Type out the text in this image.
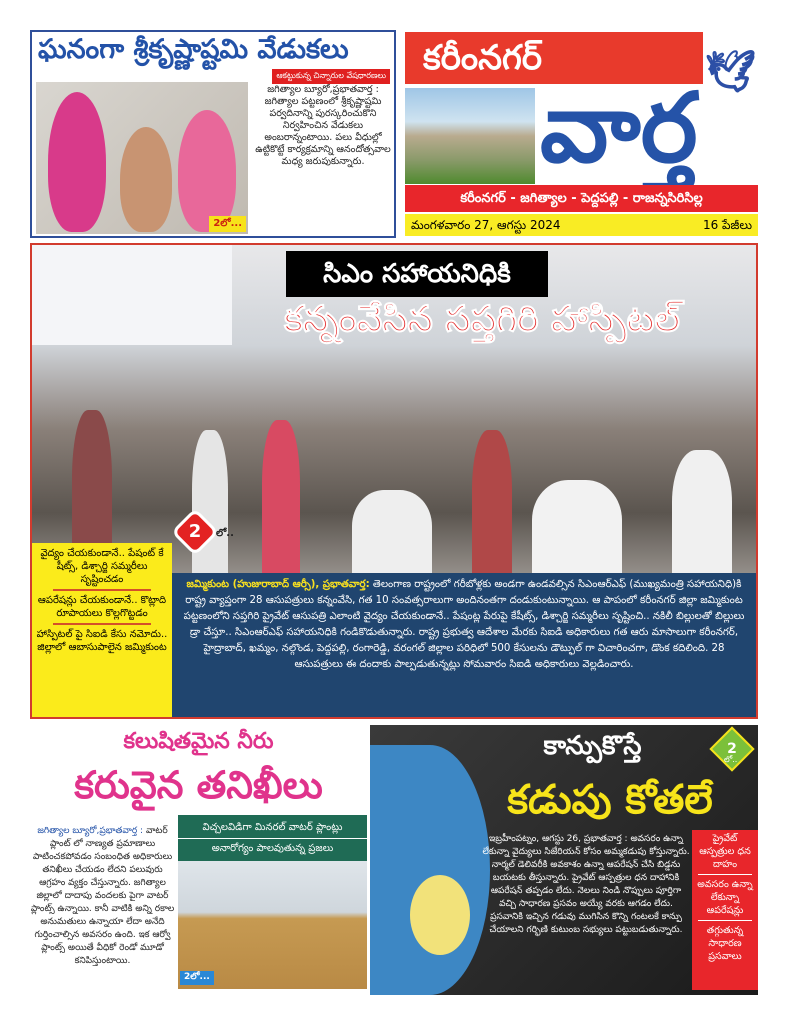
ఘనంగా శ్రీకృష్ణాష్టమి వేడుకలు
ఆకట్టుకున్న చిన్నారుల వేషధారణలు
2లో...
జగిత్యాల బ్యూరో,ప్రభాతవార్త : జగిత్యాల పట్టణంలో శ్రీకృష్ణాష్టమి పర్వదినాన్ని పురస్కరించుకొని నిర్వహించిన వేడుకలు అంబరాన్నంటాయి. పలు వీధుల్లో ఉట్టికొట్టే కార్యక్రమాన్ని ఆనందోత్సవాల మధ్య జరుపుకున్నారు.
కరీంనగర్	🕊
వార్త
కరీంనగర్ - జగిత్యాల - పెద్దపల్లి - రాజన్నసిరిసిల్ల
మంగళవారం 27, ఆగస్టు 2024	16 పేజీలు
సిఎం సహాయనిధికి
కన్నంవేసిన సప్తగిరి హాస్పిటల్
2	లో..
వైద్యం చేయకుండానే.. పేషంట్ కే షీట్స్, డిశ్చార్జి సమ్మరీలు సృష్టించడం
ఆపరేషన్లు చేయకుండానే.. కొట్లాది రూపాయలు కొల్లగొట్టడం
హాస్పిటల్ పై సిఐడి కేసు నమోదు.. జిల్లాలో ఆబాసుపాలైన జమ్మికుంట
జమ్మికుంట (హుజురాబాద్ ఆర్సీ), ప్రభాతవార్త: తెలంగాణ రాష్ట్రంలో గరీబోళ్లకు అండగా ఉండవల్సిన సిఎంఆర్ఎఫ్ (ముఖ్యమంత్రి సహాయనిధి)కి రాష్ట్ర వ్యాప్తంగా 28 ఆసుపత్రులు కన్నంవేసి, గత 10 సంవత్సరాలుగా అందినంతగా దండుకుంటున్నాయి. ఆ పాపంలో కరీంనగర్ జిల్లా జమ్మికుంట పట్టణంలోని సప్తగిరి ప్రైవేట్ ఆసుపత్రి ఎలాంటి వైద్యం చేయకుండానే.. పేషంట్ల పేరుపై కేషీట్స్, డిశ్చార్జి సమ్మరీలు సృష్టించి.. నకిలీ బిల్లులతో బిల్లులు డ్రా చేస్తూ.. సిఎంఆర్ఎఫ్ సహాయనిధికి గండికొడుతున్నారు. రాష్ట్ర ప్రభుత్వ ఆదేశాల మేరకు సిఐడి అధికారులు గత ఆరు మాసాలుగా కరీంనగర్, హైద్రాబాద్, ఖమ్మం, నల్గొండ, పెద్దపల్లి, రంగారెడ్డి, వరంగల్ జిల్లాల పరిధిలో 500 కేసులను డౌట్ఫుల్ గా విచారించగా, డొంక కదిలింది. 28 ఆసుపత్రులు ఈ దందాకు పాల్పడుతున్నట్లు సోమవారం సిఐడి అధికారులు వెల్లడించారు.
కలుషితమైన నీరు
కరువైన తనిఖీలు
జగిత్యాల బ్యూరో,ప్రభాతవార్త : వాటర్ ప్లాంట్ లో నాణ్యత ప్రమాణాలు పాటించకపోవడం సంబంధిత అధికారులు తనిఖీలు చేయడం లేదని పలువురు ఆగ్రహం వ్యక్తం చేస్తున్నారు. జగిత్యాల జిల్లాలో దాదాపు వందలకు పైగా వాటర్ ప్లాంట్స్ ఉన్నాయి. కానీ వాటికి అన్ని రకాల అనుమతులు ఉన్నాయా లేదా అనేది గుర్తించాల్సిన అవసరం ఉంది. ఇక ఆర్వో ప్లాంట్స్ అయితే వీధికో రెండో మూడో కనిపిస్తుంటాయి.
విచ్చలవిడిగా మినరల్ వాటర్ ప్లాంట్లు
అనారోగ్యం పాలవుతున్న ప్రజలు
2లో...
కాన్పుకొస్తే
కడుపు కోతలే
2
లో..
ఇబ్రహీంపట్నం, ఆగస్టు 26, ప్రభాతవార్త : అవసరం ఉన్నా లేకున్నా వైద్యులు సిజేరియన్ కోసం అమ్మకడుపు కోస్తున్నారు. నార్మల్ డెలివరీకి అవకాశం ఉన్నా ఆపరేషన్ చేసి బిడ్డను బయటకు తీస్తున్నారు. ప్రైవేట్ ఆస్పత్రుల ధన దాహానికి ఆపరేషన్ తప్పడం లేదు. నెలలు నిండి నొప్పులు పూర్తిగా వచ్చి సాధారణ ప్రసవం అయ్యే వరకు ఆగడం లేదు. ప్రసవానికి ఇచ్చిన గడువు ముగిసిన కొన్ని గంటలకే కాన్పు చేయాలని గర్భిణి కుటుంబ సభ్యులు పట్టుబడుతున్నారు.
ప్రైవేట్ ఆస్పత్రుల ధన దాహం
అవసరం ఉన్నా లేకున్నా ఆపరేషన్లు
తగ్గుతున్న సాధారణ ప్రసవాలు
